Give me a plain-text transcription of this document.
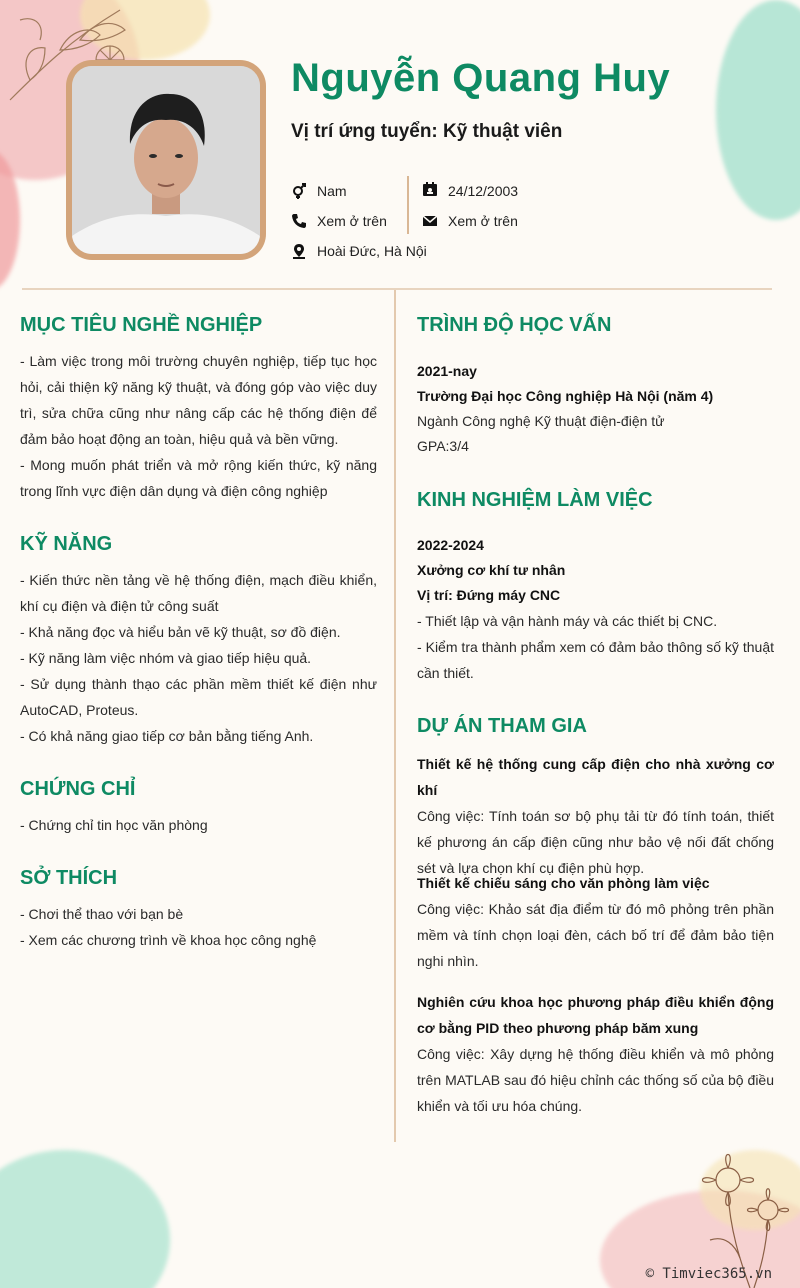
Nguyễn Quang Huy
Vị trí ứng tuyển: Kỹ thuật viên
Nam
Xem ở trên
Hoài Đức, Hà Nội
24/12/2003
Xem ở trên
MỤC TIÊU NGHỀ NGHIỆP

- Làm việc trong môi trường chuyên nghiệp, tiếp tục học hỏi, cải thiện kỹ năng kỹ thuật, và đóng góp vào việc duy trì, sửa chữa cũng như nâng cấp các hệ thống điện để đảm bảo hoạt động an toàn, hiệu quả và bền vững.

- Mong muốn phát triển và mở rộng kiến thức, kỹ năng trong lĩnh vực điện dân dụng và điện công nghiệp

KỸ NĂNG

- Kiến thức nền tảng về hệ thống điện, mạch điều khiển, khí cụ điện và điện tử công suất

- Khả năng đọc và hiểu bản vẽ kỹ thuật, sơ đồ điện.

- Kỹ năng làm việc nhóm và giao tiếp hiệu quả.

- Sử dụng thành thạo các phần mềm thiết kế điện như AutoCAD, Proteus.

- Có khả năng giao tiếp cơ bản bằng tiếng Anh.

CHỨNG CHỈ

- Chứng chỉ tin học văn phòng

SỞ THÍCH

- Chơi thể thao với bạn bè

- Xem các chương trình về khoa học công nghệ

TRÌNH ĐỘ HỌC VẤN

2021-nay

Trường Đại học Công nghiệp Hà Nội (năm 4)

Ngành Công nghệ Kỹ thuật điện-điện tử

GPA:3/4

KINH NGHIỆM LÀM VIỆC

2022-2024

Xưởng cơ khí tư nhân

Vị trí: Đứng máy CNC

- Thiết lập và vận hành máy và các thiết bị CNC.

- Kiểm tra thành phẩm xem có đảm bảo thông số kỹ thuật cần thiết.

DỰ ÁN THAM GIA

Thiết kế hệ thống cung cấp điện cho nhà xưởng cơ khí

Công việc: Tính toán sơ bộ phụ tải từ đó tính toán, thiết kế phương án cấp điện cũng như bảo vệ nối đất chống sét và lựa chọn khí cụ điện phù hợp.

Thiết kế chiếu sáng cho văn phòng làm việc

Công việc: Khảo sát địa điểm từ đó mô phỏng trên phần mềm và tính chọn loại đèn, cách bố trí để đảm bảo tiện nghi nhìn.

Nghiên cứu khoa học phương pháp điều khiển động cơ bằng PID theo phương pháp băm xung

Công việc: Xây dựng hệ thống điều khiển và mô phỏng trên MATLAB sau đó hiệu chỉnh các thống số của bộ điều khiển và tối ưu hóa chúng.

© Timviec365.vn
